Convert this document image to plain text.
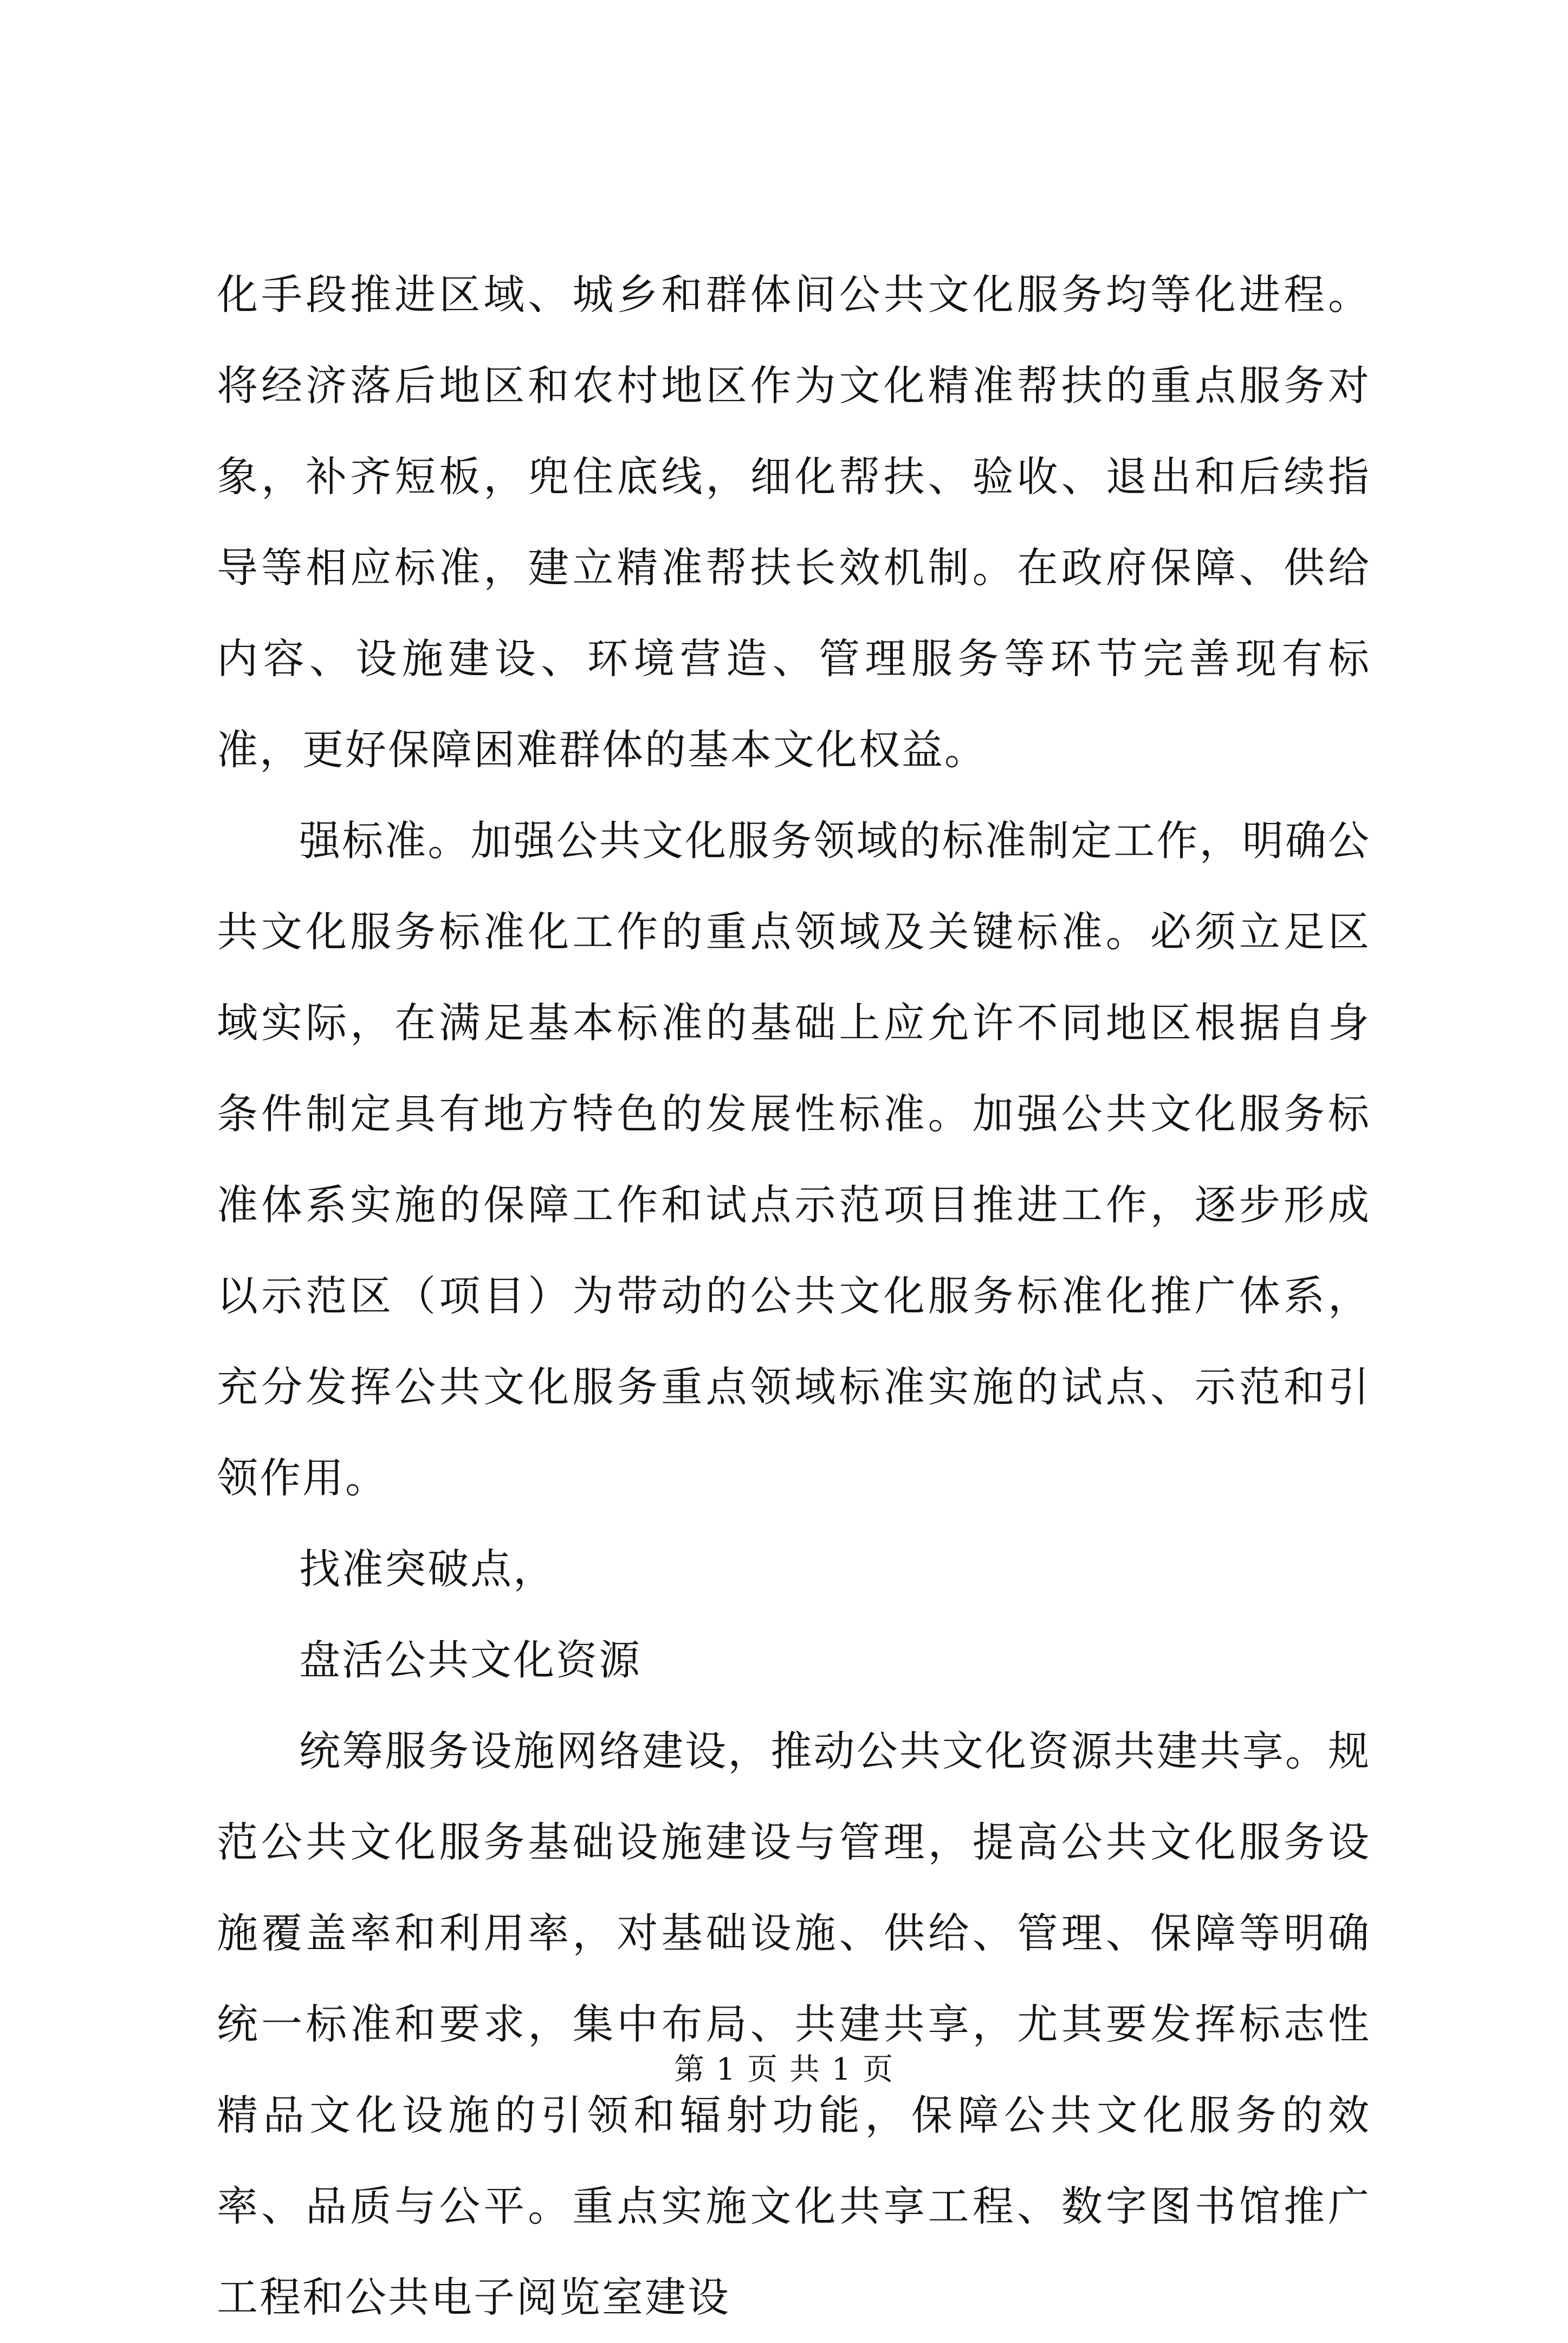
化手段推进区域、城乡和群体间公共文化服务均等化进程。将经济落后地区和农村地区作为文化精准帮扶的重点服务对象，补齐短板，兜住底线，细化帮扶、验收、退出和后续指导等相应标准，建立精准帮扶长效机制。在政府保障、供给内容、设施建设、环境营造、管理服务等环节完善现有标准，更好保障困难群体的基本文化权益。

强标准。加强公共文化服务领域的标准制定工作，明确公共文化服务标准化工作的重点领域及关键标准。必须立足区域实际，在满足基本标准的基础上应允许不同地区根据自身条件制定具有地方特色的发展性标准。加强公共文化服务标准体系实施的保障工作和试点示范项目推进工作，逐步形成以示范区（项目）为带动的公共文化服务标准化推广体系，充分发挥公共文化服务重点领域标准实施的试点、示范和引领作用。

找准突破点，

盘活公共文化资源

统筹服务设施网络建设，推动公共文化资源共建共享。规范公共文化服务基础设施建设与管理，提高公共文化服务设施覆盖率和利用率，对基础设施、供给、管理、保障等明确统一标准和要求，集中布局、共建共享，尤其要发挥标志性精品文化设施的引领和辐射功能，保障公共文化服务的效率、品质与公平。重点实施文化共享工程、数字图书馆推广工程和公共电子阅览室建设

第 1 页 共 1 页
